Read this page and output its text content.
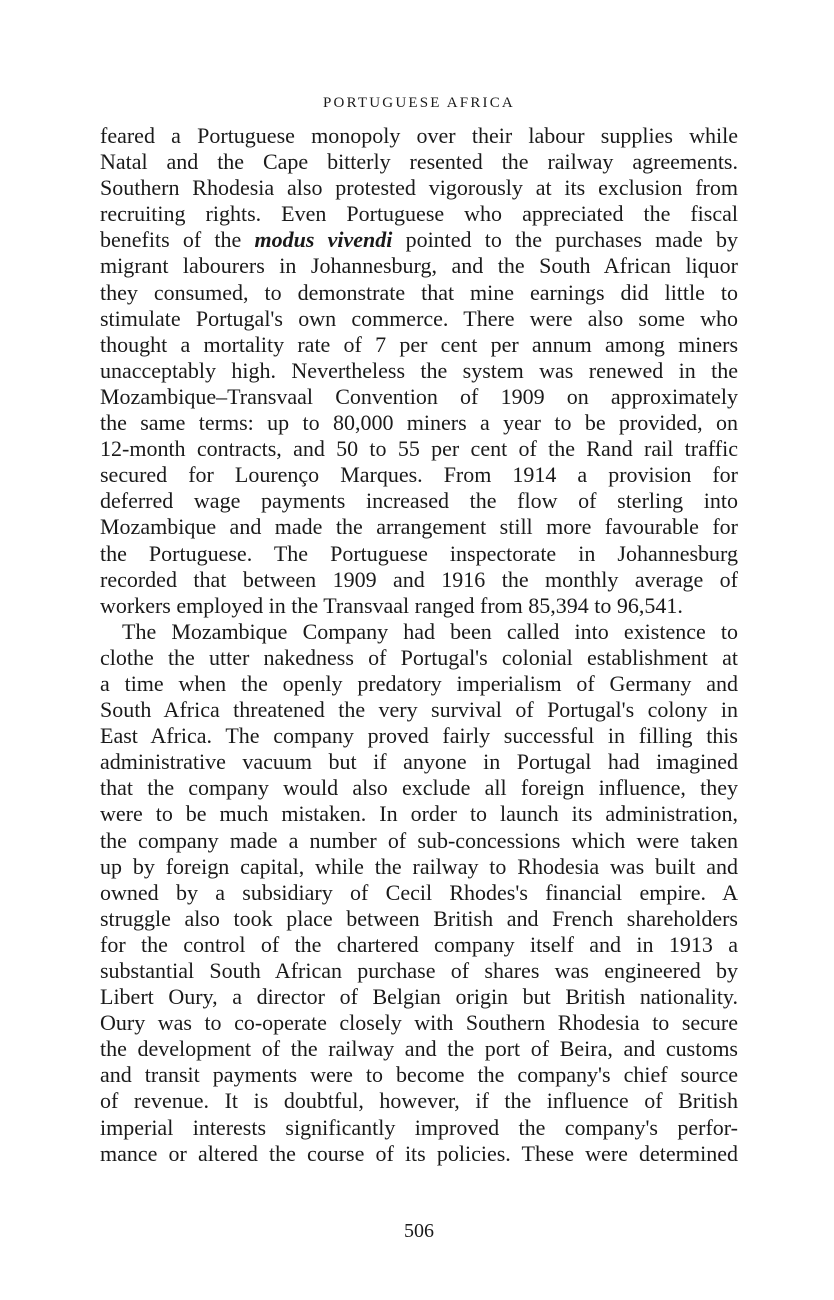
PORTUGUESE AFRICA
feared a Portuguese monopoly over their labour supplies while
Natal and the Cape bitterly resented the railway agreements.
Southern Rhodesia also protested vigorously at its exclusion from
recruiting rights. Even Portuguese who appreciated the fiscal
benefits of the modus vivendi pointed to the purchases made by
migrant labourers in Johannesburg, and the South African liquor
they consumed, to demonstrate that mine earnings did little to
stimulate Portugal's own commerce. There were also some who
thought a mortality rate of 7 per cent per annum among miners
unacceptably high. Nevertheless the system was renewed in the
Mozambique–Transvaal Convention of 1909 on approximately
the same terms: up to 80,000 miners a year to be provided, on
12-month contracts, and 50 to 55 per cent of the Rand rail traffic
secured for Lourenço Marques. From 1914 a provision for
deferred wage payments increased the flow of sterling into
Mozambique and made the arrangement still more favourable for
the Portuguese. The Portuguese inspectorate in Johannesburg
recorded that between 1909 and 1916 the monthly average of
workers employed in the Transvaal ranged from 85,394 to 96,541.
The Mozambique Company had been called into existence to
clothe the utter nakedness of Portugal's colonial establishment at
a time when the openly predatory imperialism of Germany and
South Africa threatened the very survival of Portugal's colony in
East Africa. The company proved fairly successful in filling this
administrative vacuum but if anyone in Portugal had imagined
that the company would also exclude all foreign influence, they
were to be much mistaken. In order to launch its administration,
the company made a number of sub-concessions which were taken
up by foreign capital, while the railway to Rhodesia was built and
owned by a subsidiary of Cecil Rhodes's financial empire. A
struggle also took place between British and French shareholders
for the control of the chartered company itself and in 1913 a
substantial South African purchase of shares was engineered by
Libert Oury, a director of Belgian origin but British nationality.
Oury was to co-operate closely with Southern Rhodesia to secure
the development of the railway and the port of Beira, and customs
and transit payments were to become the company's chief source
of revenue. It is doubtful, however, if the influence of British
imperial interests significantly improved the company's perfor-
mance or altered the course of its policies. These were determined
506
